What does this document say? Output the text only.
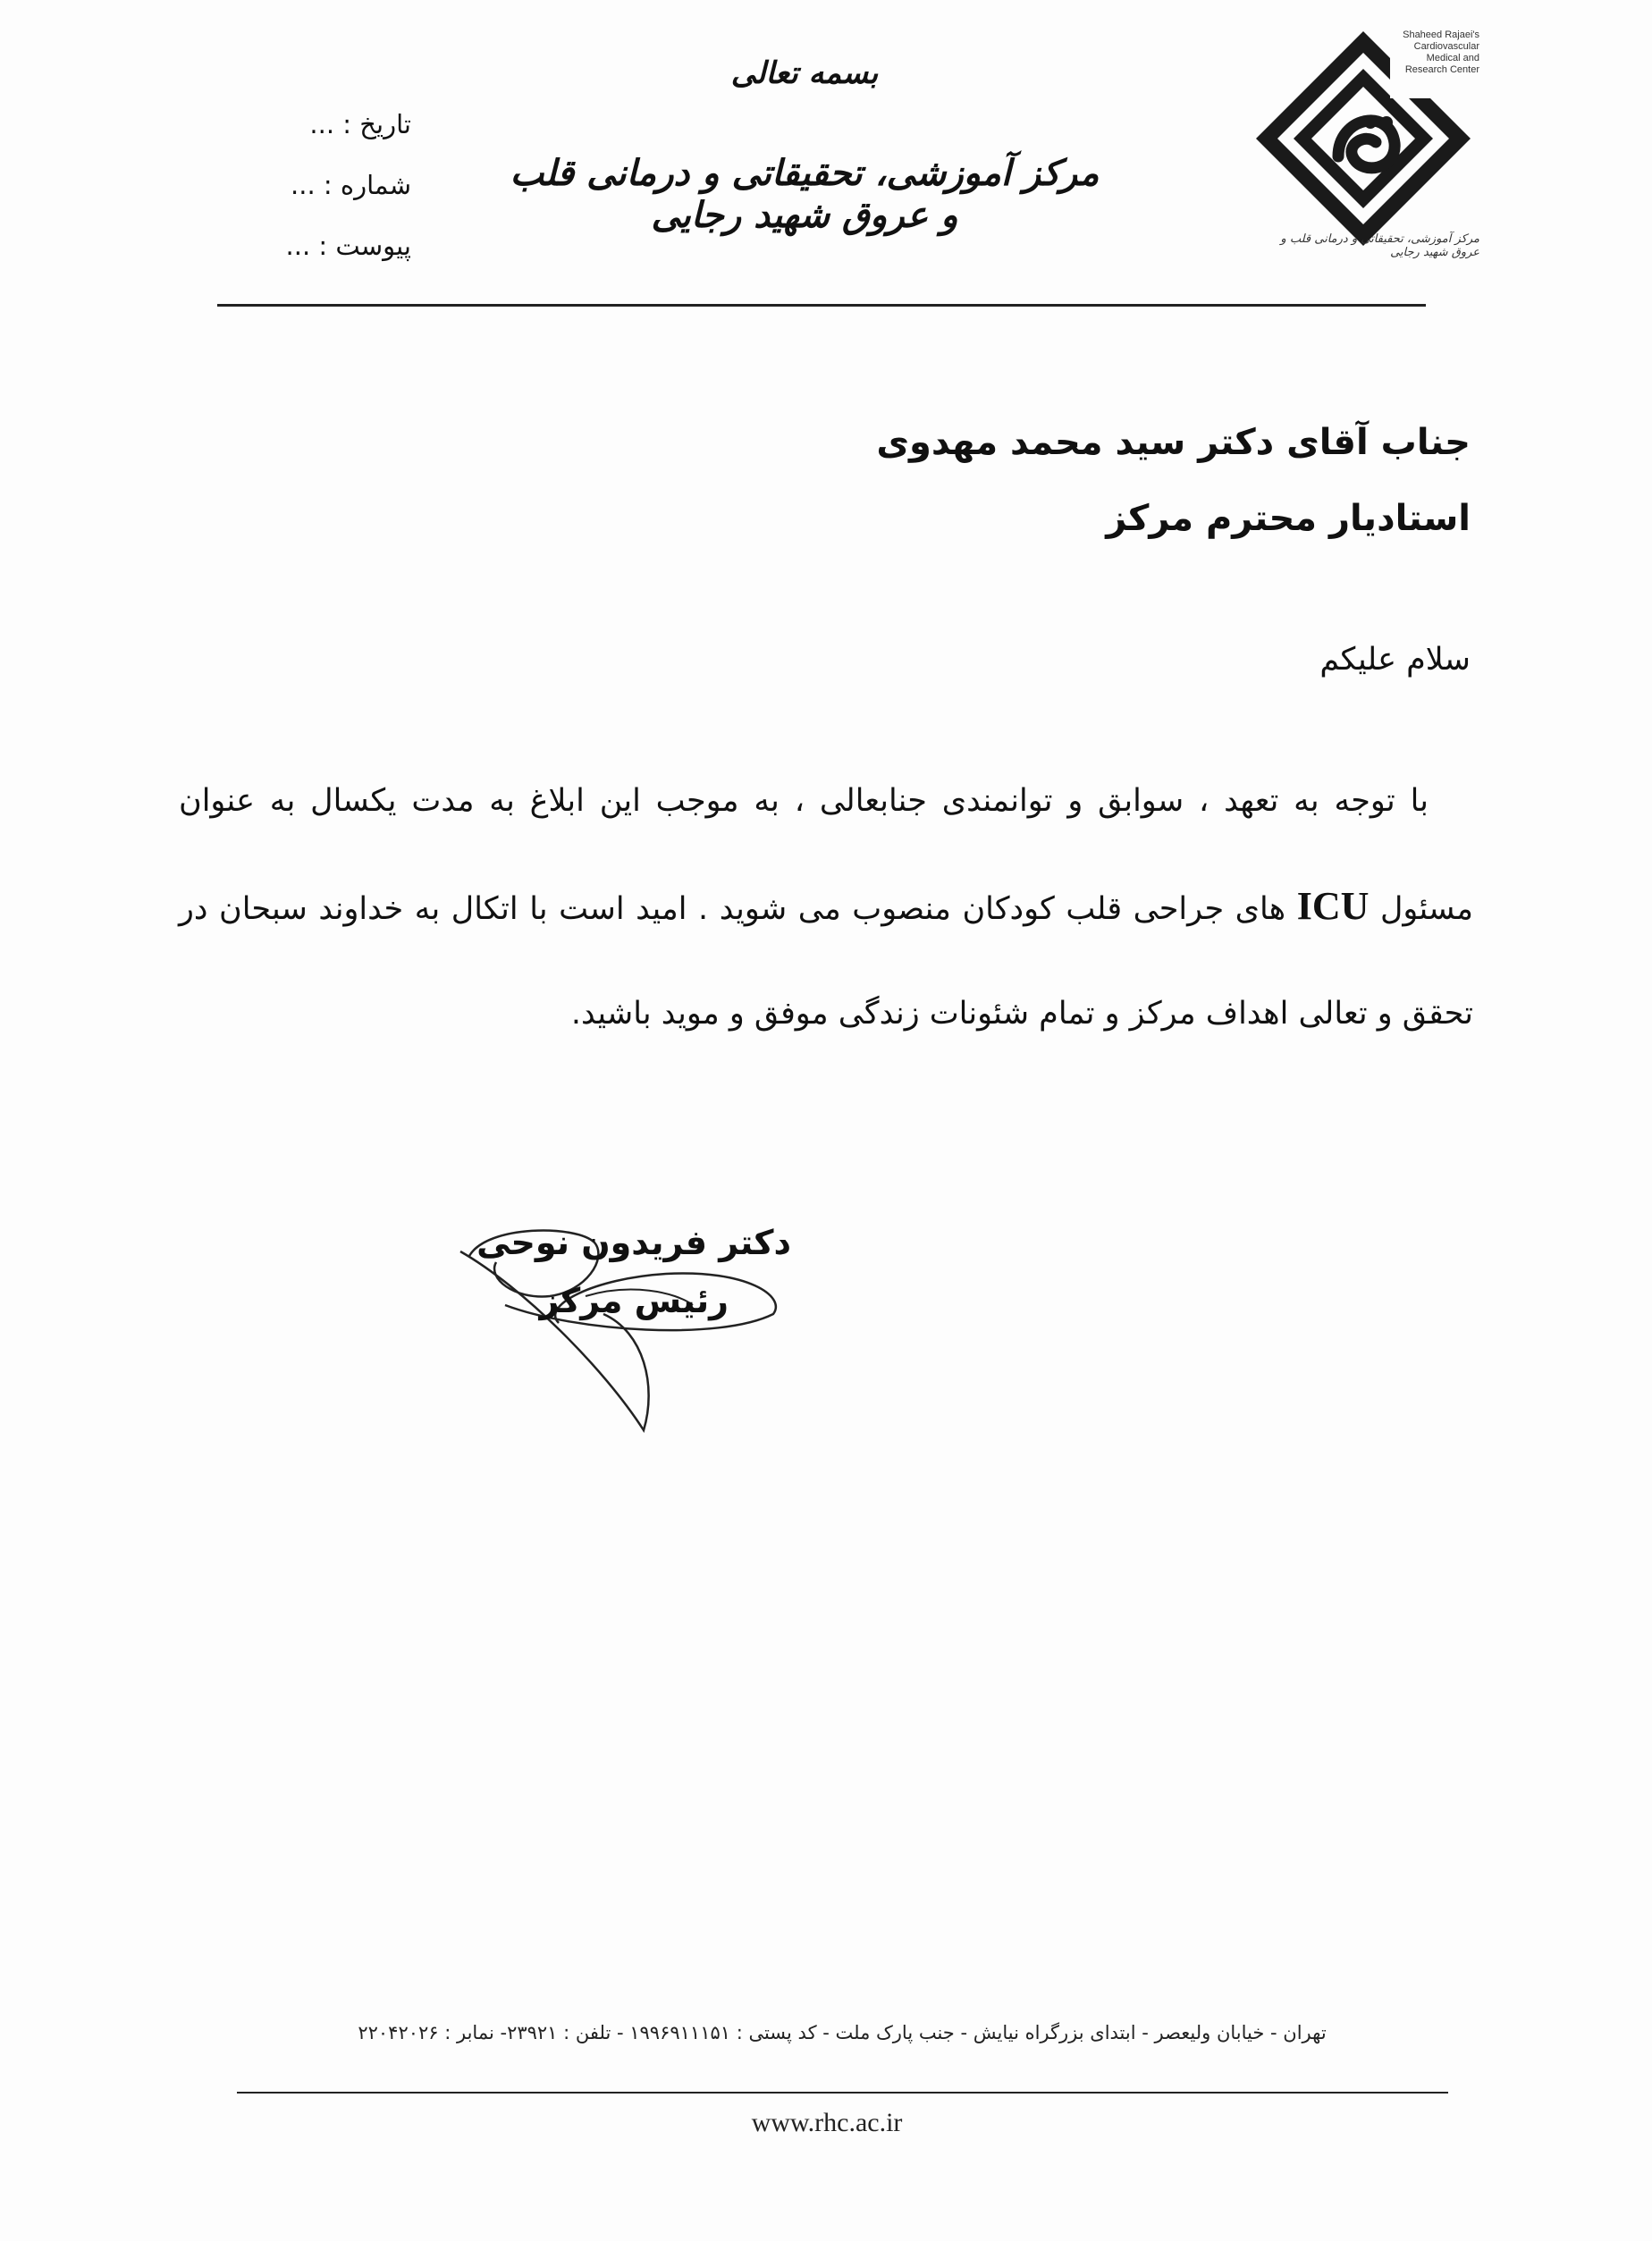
Shaheed Rajaei's Cardiovascular Medical and Research Center
مرکز آموزشی، تحقیقاتی و درمانی قلب و عروق شهید رجایی
بسمه تعالی
مرکز آموزشی، تحقیقاتی و درمانی قلب و عروق شهید رجایی
تاریخ : ...
شماره : ...
پیوست : ...
جناب آقای دکتر سید محمد مهدوی
استادیار محترم مرکز
سلام علیکم
با توجه به تعهد ، سوابق و توانمندی جنابعالی ، به موجب این ابلاغ به مدت یکسال به عنوان مسئول ICU های جراحی قلب کودکان منصوب می شوید . امید است با اتکال به خداوند سبحان در تحقق و تعالی اهداف مرکز و تمام شئونات زندگی موفق و موید باشید.
دکتر فریدون نوحی
رئیس مرکز
تهران - خیابان ولیعصر - ابتدای بزرگراه نیایش - جنب پارک ملت - کد پستی : ۱۹۹۶۹۱۱۱۵۱ - تلفن : ۲۳۹۲۱- نمابر : ۲۲۰۴۲۰۲۶
www.rhc.ac.ir
